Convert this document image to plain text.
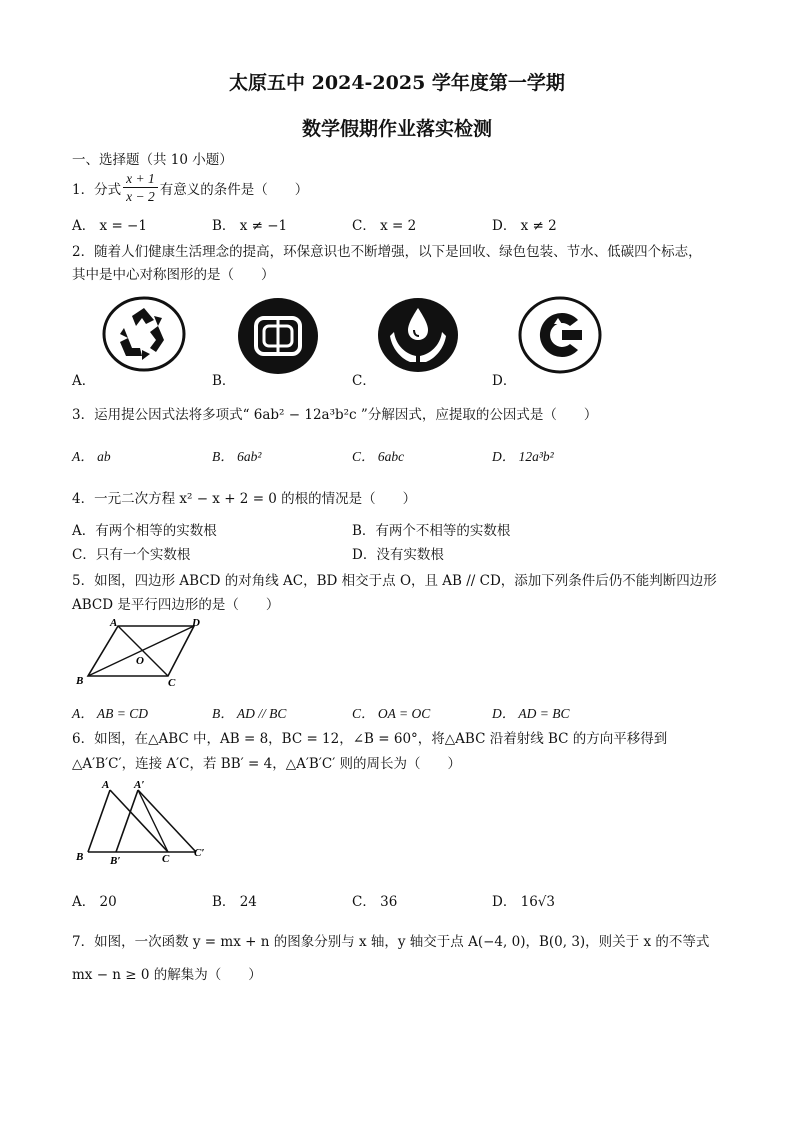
太原五中 2024-2025 学年度第一学期
数学假期作业落实检测
一、选择题（共 10 小题）
1．分式 $\frac{x + 1}{x - 2}$ 有意义的条件是（　　）
A． x = −1	B． x ≠ −1	C． x = 2	D． x ≠ 2
2．随着人们健康生活理念的提高，环保意识也不断增强，以下是回收、绿色包装、节水、低碳四个标志，
其中是中心对称图形的是（　　）
A．	B．	C．	D．
3．运用提公因式法将多项式“ 6ab² − 12a³b²c ”分解因式，应提取的公因式是（　　）
A． ab	B． 6ab²	C． 6abc	D． 12a³b²
4．一元二次方程 x² − x + 2 = 0 的根的情况是（　　）
A．有两个相等的实数根	B．有两个不相等的实数根
C．只有一个实数根	D．没有实数根
5．如图，四边形 ABCD 的对角线 AC，BD 相交于点 O，且 AB // CD，添加下列条件后仍不能判断四边形
ABCD 是平行四边形的是（　　）
A	D
O
B	C
A． AB = CD	B． AD // BC	C． OA = OC	D． AD = BC
6．如图，在△ABC 中，AB = 8，BC = 12，∠B = 60°，将△ABC 沿着射线 BC 的方向平移得到
△A′B′C′，连接 A′C，若 BB′ = 4，△A′B′C′ 则的周长为（　　）
A A′
B B′	C C′
A． 20	B． 24	C． 36	D． 16√3
7．如图，一次函数 y = mx + n 的图象分别与 x 轴，y 轴交于点 A(−4, 0)，B(0, 3)，则关于 x 的不等式
mx − n ≥ 0 的解集为（　　）
